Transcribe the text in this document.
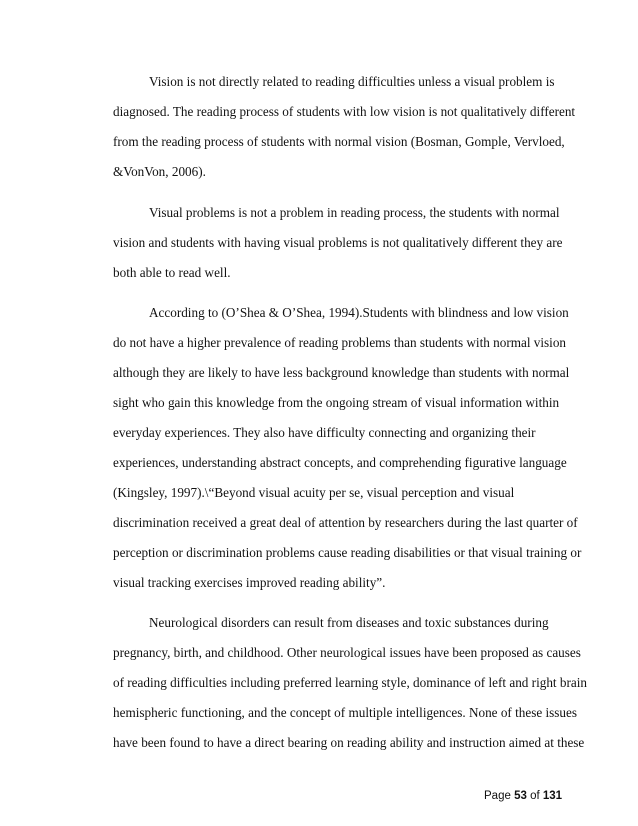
Vision is not directly related to reading difficulties unless a visual problem is
diagnosed. The reading process of students with low vision is not qualitatively different
from the reading process of students with normal vision (Bosman, Gomple, Vervloed,
&VonVon, 2006).
Visual problems is not a problem in reading process, the students with normal
vision and students with having visual problems is not qualitatively different they are
both able to read well.
According to (O’Shea & O’Shea, 1994).Students with blindness and low vision
do not have a higher prevalence of reading problems than students with normal vision
although they are likely to have less background knowledge than students with normal
sight who gain this knowledge from the ongoing stream of visual information within
everyday experiences. They also have difficulty connecting and organizing their
experiences, understanding abstract concepts, and comprehending figurative language
(Kingsley, 1997).\“Beyond visual acuity per se, visual perception and visual
discrimination received a great deal of attention by researchers during the last quarter of
perception or discrimination problems cause reading disabilities or that visual training or
visual tracking exercises improved reading ability”.
Neurological disorders can result from diseases and toxic substances during
pregnancy, birth, and childhood. Other neurological issues have been proposed as causes
of reading difficulties including preferred learning style, dominance of left and right brain
hemispheric functioning, and the concept of multiple intelligences. None of these issues
have been found to have a direct bearing on reading ability and instruction aimed at these
Page 53 of 131
